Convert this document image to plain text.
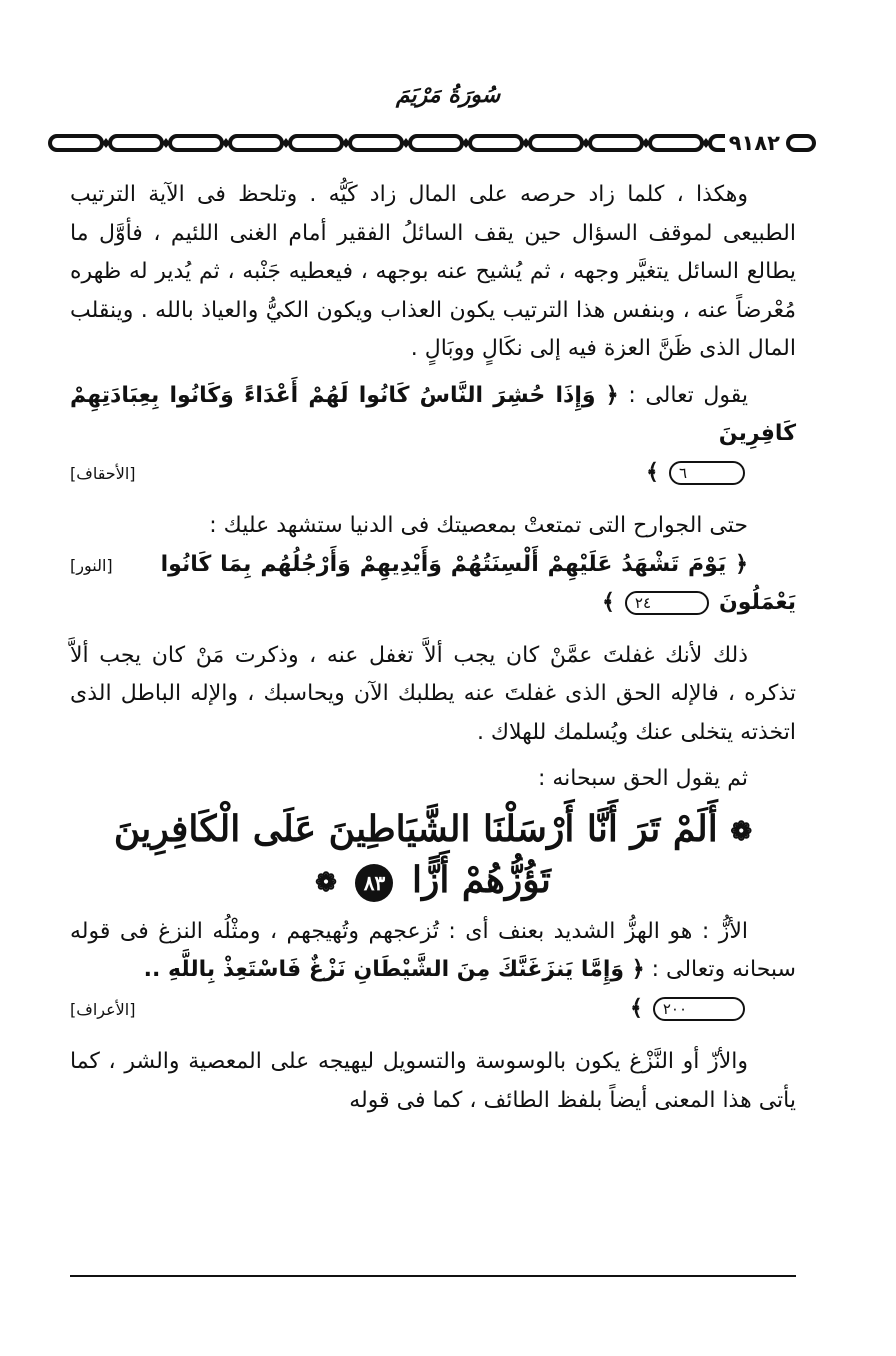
سُورَةُ مَرْيَمَ
٩١٨٢

وهكذا ، كلما زاد حرصه على المال زاد كَيُّه . وتلحظ فى الآية الترتيب الطبيعى لموقف السؤال حين يقف السائلُ الفقير أمام الغنى اللئيم ، فأوَّل ما يطالع السائل يتغيَّر وجهه ، ثم يُشيح عنه بوجهه ، فيعطيه جَنْبه ، ثم يُدير له ظهره مُعْرضاً عنه ، وبنفس هذا الترتيب يكون العذاب ويكون الكيُّ والعياذ بالله . وينقلب المال الذى ظَنَّ العزة فيه إلى نكَالٍ ووبَالٍ .

يقول تعالى : ﴿ وَإِذَا حُشِرَ النَّاسُ كَانُوا لَهُمْ أَعْدَاءً وَكَانُوا بِعِبَادَتِهِمْ كَافِرِينَ

٦ ﴾
[الأحقاف]

حتى الجوارح التى تمتعتْ بمعصيتك فى الدنيا ستشهد عليك :

﴿ يَوْمَ تَشْهَدُ عَلَيْهِمْ أَلْسِنَتُهُمْ وَأَيْدِيهِمْ وَأَرْجُلُهُم بِمَا كَانُوا يَعْمَلُونَ ٢٤ ﴾
[النور]

ذلك لأنك غفلتَ عمَّنْ كان يجب ألاَّ تغفل عنه ، وذكرت مَنْ كان يجب ألاَّ تذكره ، فالإله الحق الذى غفلتَ عنه يطلبك الآن ويحاسبك ، والإله الباطل الذى اتخذته يتخلى عنك ويُسلمك للهلاك .

ثم يقول الحق سبحانه :

❁ أَلَمْ تَرَ أَنَّا أَرْسَلْنَا الشَّيَاطِينَ عَلَى الْكَافِرِينَ
تَؤُزُّهُمْ أَزًّا ٨٣ ❁

الأزُّ : هو الهزُّ الشديد بعنف أى : تُزعجهم وتُهيجهم ، ومثْلُه النزغ فى قوله سبحانه وتعالى : ﴿ وَإِمَّا يَنزَغَنَّكَ مِنَ الشَّيْطَانِ نَزْغٌ فَاسْتَعِذْ بِاللَّهِ ..

٢٠٠ ﴾
[الأعراف]

والأزّ أو النَّزْغ يكون بالوسوسة والتسويل ليهيجه على المعصية والشر ، كما يأتى هذا المعنى أيضاً بلفظ الطائف ، كما فى قوله
